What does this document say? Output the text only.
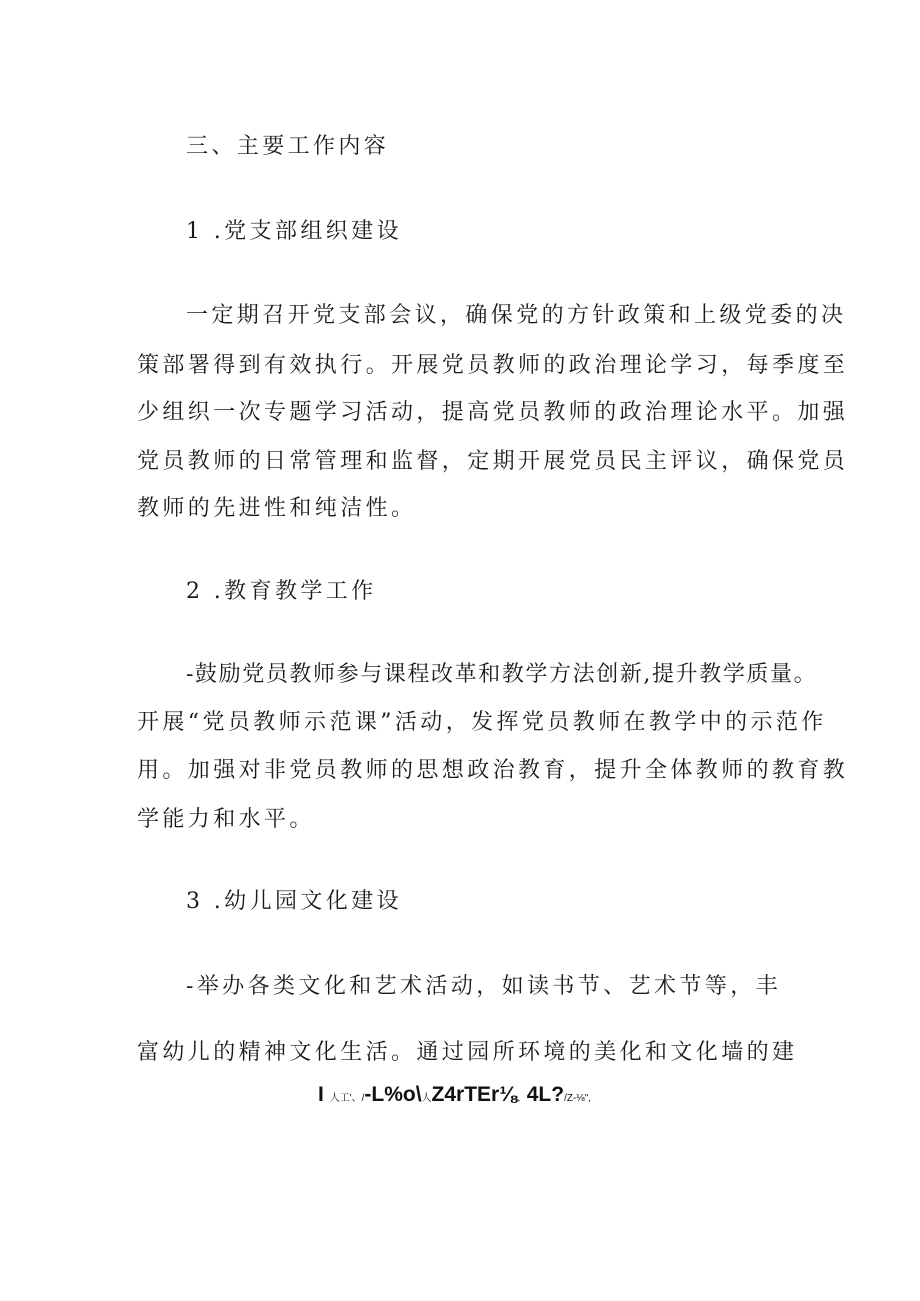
三、主要工作内容
1 .党支部组织建设
一定期召开党支部会议，确保党的方针政策和上级党委的决
策部署得到有效执行。开展党员教师的政治理论学习，每季度至
少组织一次专题学习活动，提高党员教师的政治理论水平。加强
党员教师的日常管理和监督，定期开展党员民主评议，确保党员
教师的先进性和纯洁性。
2 .教育教学工作
-鼓励党员教师参与课程改革和教学方法创新,提升教学质量。
开展“党员教师示范课”活动，发挥党员教师在教学中的示范作
用。加强对非党员教师的思想政治教育，提升全体教师的教育教
学能力和水平。
3 .幼儿园文化建设
-举办各类文化和艺术活动，如读书节、艺术节等，丰
富幼儿的精神文化生活。通过园所环境的美化和文化墙的建
I 人工'、/-L%o\人Z4rTEr⅛、4L?/Z-⅛",
